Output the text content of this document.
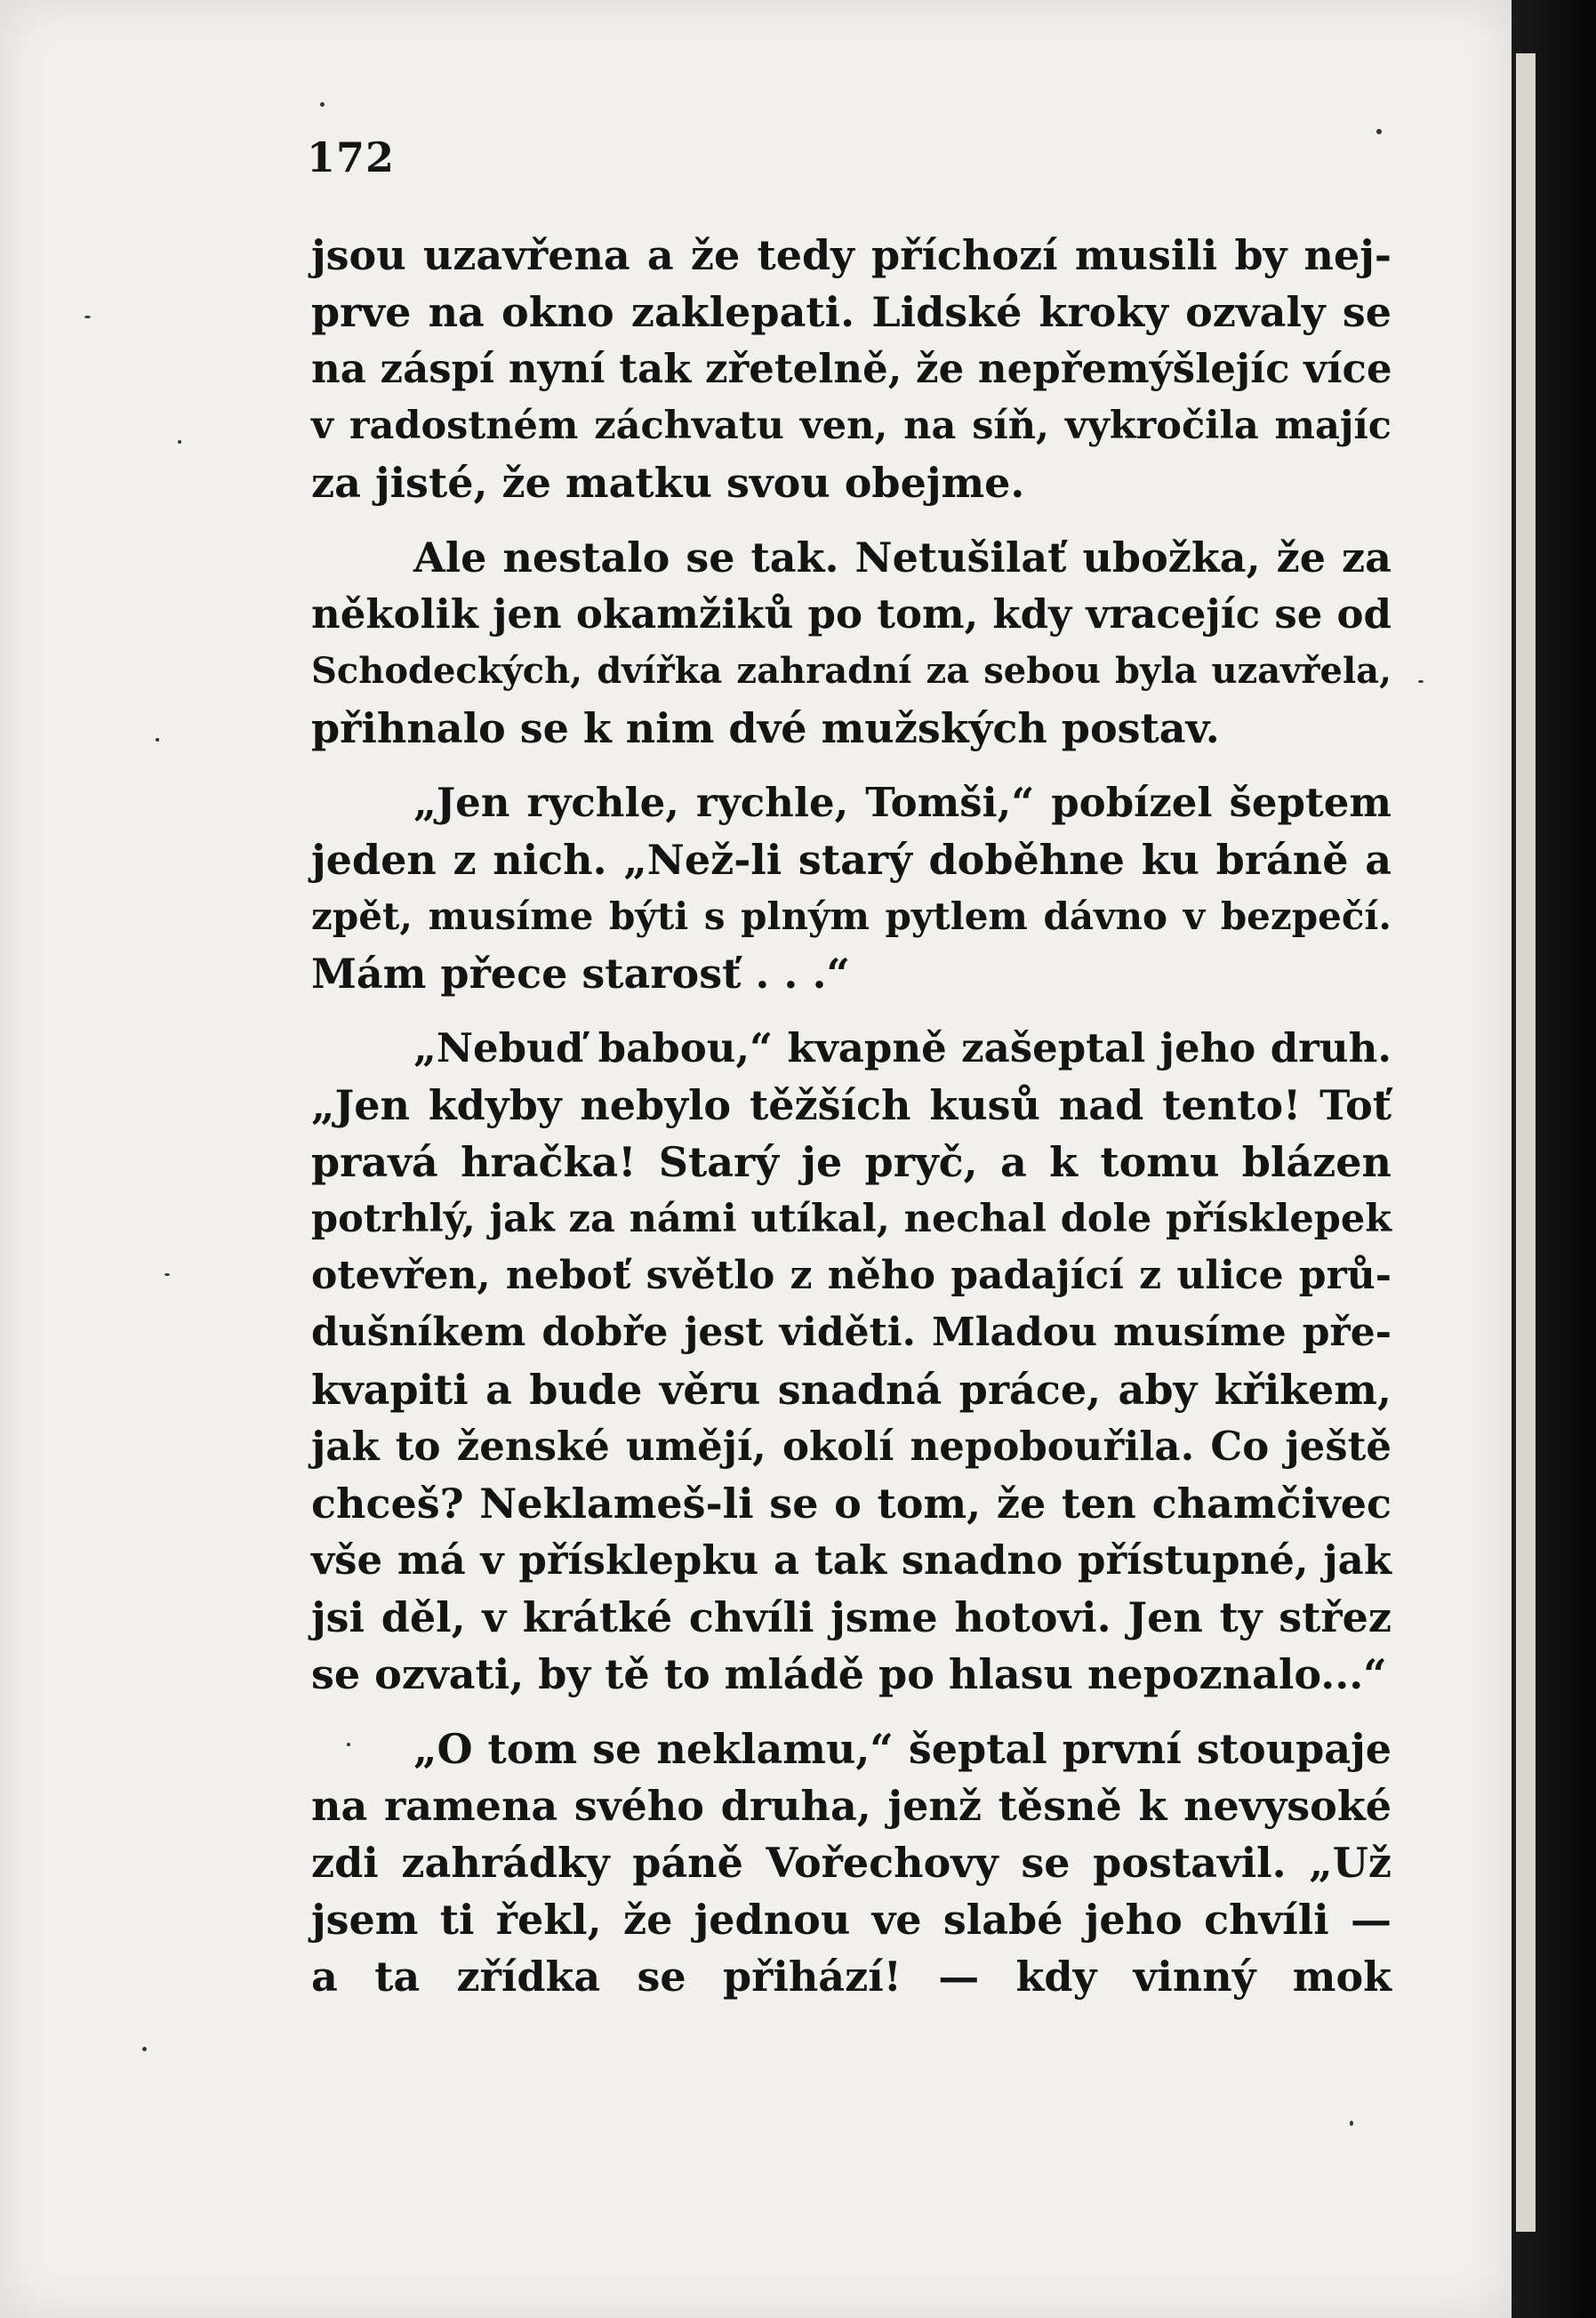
172
jsou uzavřena a že tedy příchozí musili by nej-
prve na okno zaklepati. Lidské kroky ozvaly se
na záspí nyní tak zřetelně, že nepřemýšlejíc více
v radostném záchvatu ven, na síň, vykročila majíc
za jisté, že matku svou obejme.
Ale nestalo se tak. Netušilať ubožka, že za
několik jen okamžiků po tom, kdy vracejíc se od
Schodeckých, dvířka zahradní za sebou byla uzavřela,
přihnalo se k nim dvé mužských postav.
„Jen rychle, rychle, Tomši,“ pobízel šeptem
jeden z nich. „Než-li starý doběhne ku bráně a
zpět, musíme býti s plným pytlem dávno v bezpečí.
Mám přece starosť . . .“
„Nebuď babou,“ kvapně zašeptal jeho druh.
„Jen kdyby nebylo těžších kusů nad tento! Toť
pravá hračka! Starý je pryč, a k tomu blázen
potrhlý, jak za námi utíkal, nechal dole přísklepek
otevřen, neboť světlo z něho padající z ulice prů-
dušníkem dobře jest viděti. Mladou musíme pře-
kvapiti a bude věru snadná práce, aby křikem,
jak to ženské umějí, okolí nepobouřila. Co ještě
chceš? Neklameš-li se o tom, že ten chamčivec
vše má v přísklepku a tak snadno přístupné, jak
jsi děl, v krátké chvíli jsme hotovi. Jen ty střez
se ozvati, by tě to mládě po hlasu nepoznalo...“
„O tom se neklamu,“ šeptal první stoupaje
na ramena svého druha, jenž těsně k nevysoké
zdi zahrádky páně Vořechovy se postavil. „Už
jsem ti řekl, že jednou ve slabé jeho chvíli —
a ta zřídka se přihází! — kdy vinný mok
